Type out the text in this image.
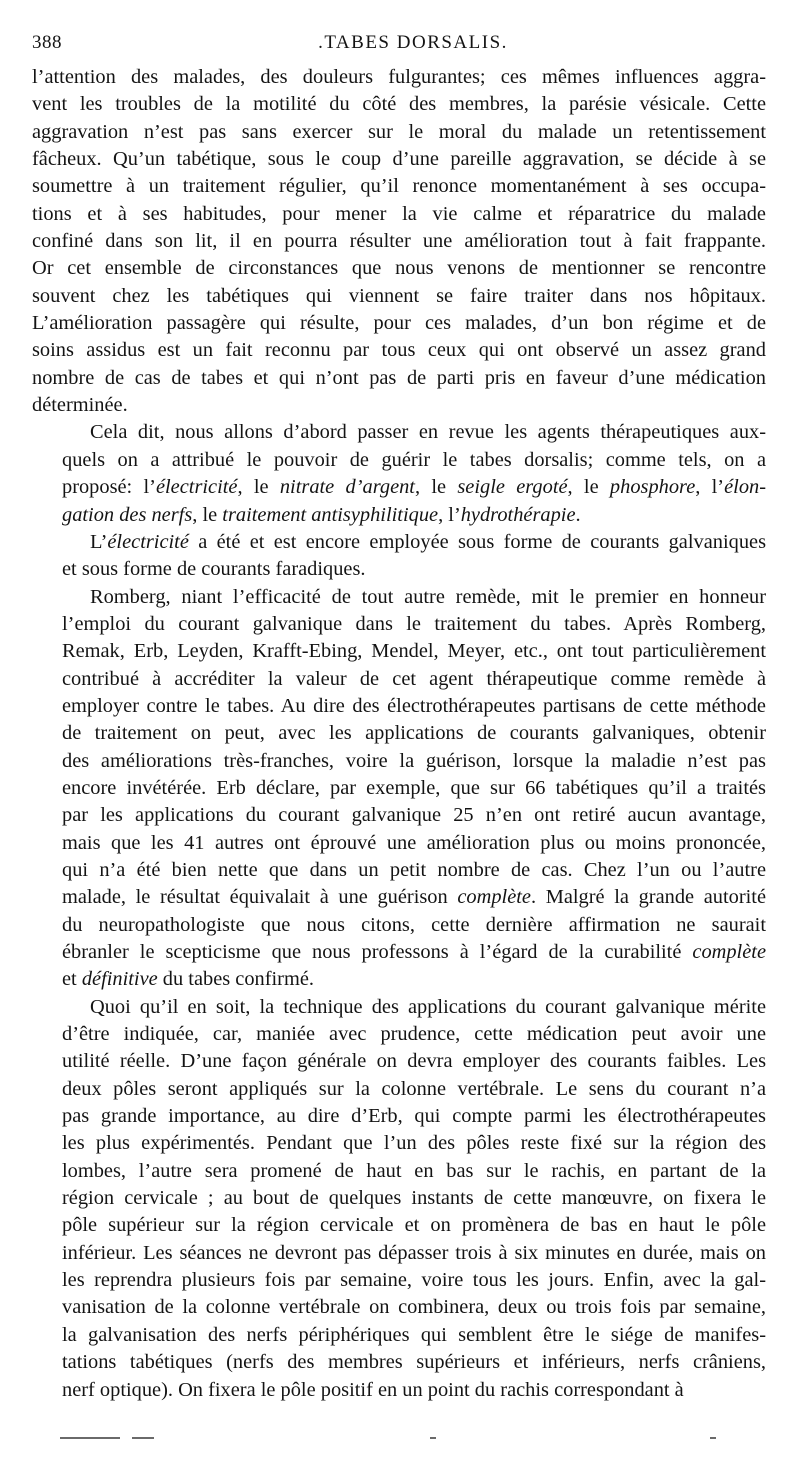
388	.TABES DORSALIS.

l’attention des malades, des douleurs fulgurantes; ces mêmes influences aggra-
vent les troubles de la motilité du côté des membres, la parésie vésicale. Cette
aggravation n’est pas sans exercer sur le moral du malade un retentissement
fâcheux. Qu’un tabétique, sous le coup d’une pareille aggravation, se décide à se
soumettre à un traitement régulier, qu’il renonce momentanément à ses occupa-
tions et à ses habitudes, pour mener la vie calme et réparatrice du malade
confiné dans son lit, il en pourra résulter une amélioration tout à fait frappante.
Or cet ensemble de circonstances que nous venons de mentionner se rencontre
souvent chez les tabétiques qui viennent se faire traiter dans nos hôpitaux.
L’amélioration passagère qui résulte, pour ces malades, d’un bon régime et de
soins assidus est un fait reconnu par tous ceux qui ont observé un assez grand
nombre de cas de tabes et qui n’ont pas de parti pris en faveur d’une médication
déterminée.

Cela dit, nous allons d’abord passer en revue les agents thérapeutiques aux-
quels on a attribué le pouvoir de guérir le tabes dorsalis; comme tels, on a
proposé: l’électricité, le nitrate d’argent, le seigle ergoté, le phosphore, l’élon-
gation des nerfs, le traitement antisyphilitique, l’hydrothérapie.

L’électricité a été et est encore employée sous forme de courants galvaniques
et sous forme de courants faradiques.

Romberg, niant l’efficacité de tout autre remède, mit le premier en honneur
l’emploi du courant galvanique dans le traitement du tabes. Après Romberg,
Remak, Erb, Leyden, Krafft-Ebing, Mendel, Meyer, etc., ont tout particulièrement
contribué à accréditer la valeur de cet agent thérapeutique comme remède à
employer contre le tabes. Au dire des électrothérapeutes partisans de cette méthode
de traitement on peut, avec les applications de courants galvaniques, obtenir
des améliorations très-franches, voire la guérison, lorsque la maladie n’est pas
encore invétérée. Erb déclare, par exemple, que sur 66 tabétiques qu’il a traités
par les applications du courant galvanique 25 n’en ont retiré aucun avantage,
mais que les 41 autres ont éprouvé une amélioration plus ou moins prononcée,
qui n’a été bien nette que dans un petit nombre de cas. Chez l’un ou l’autre
malade, le résultat équivalait à une guérison complète. Malgré la grande autorité
du neuropathologiste que nous citons, cette dernière affirmation ne saurait
ébranler le scepticisme que nous professons à l’égard de la curabilité complète
et définitive du tabes confirmé.

Quoi qu’il en soit, la technique des applications du courant galvanique mérite
d’être indiquée, car, maniée avec prudence, cette médication peut avoir une
utilité réelle. D’une façon générale on devra employer des courants faibles. Les
deux pôles seront appliqués sur la colonne vertébrale. Le sens du courant n’a
pas grande importance, au dire d’Erb, qui compte parmi les électrothérapeutes
les plus expérimentés. Pendant que l’un des pôles reste fixé sur la région des
lombes, l’autre sera promené de haut en bas sur le rachis, en partant de la
région cervicale ; au bout de quelques instants de cette manœuvre, on fixera le
pôle supérieur sur la région cervicale et on promènera de bas en haut le pôle
inférieur. Les séances ne devront pas dépasser trois à six minutes en durée, mais on
les reprendra plusieurs fois par semaine, voire tous les jours. Enfin, avec la gal-
vanisation de la colonne vertébrale on combinera, deux ou trois fois par semaine,
la galvanisation des nerfs périphériques qui semblent être le siége de manifes-
tations tabétiques (nerfs des membres supérieurs et inférieurs, nerfs crâniens,
nerf optique). On fixera le pôle positif en un point du rachis correspondant à
